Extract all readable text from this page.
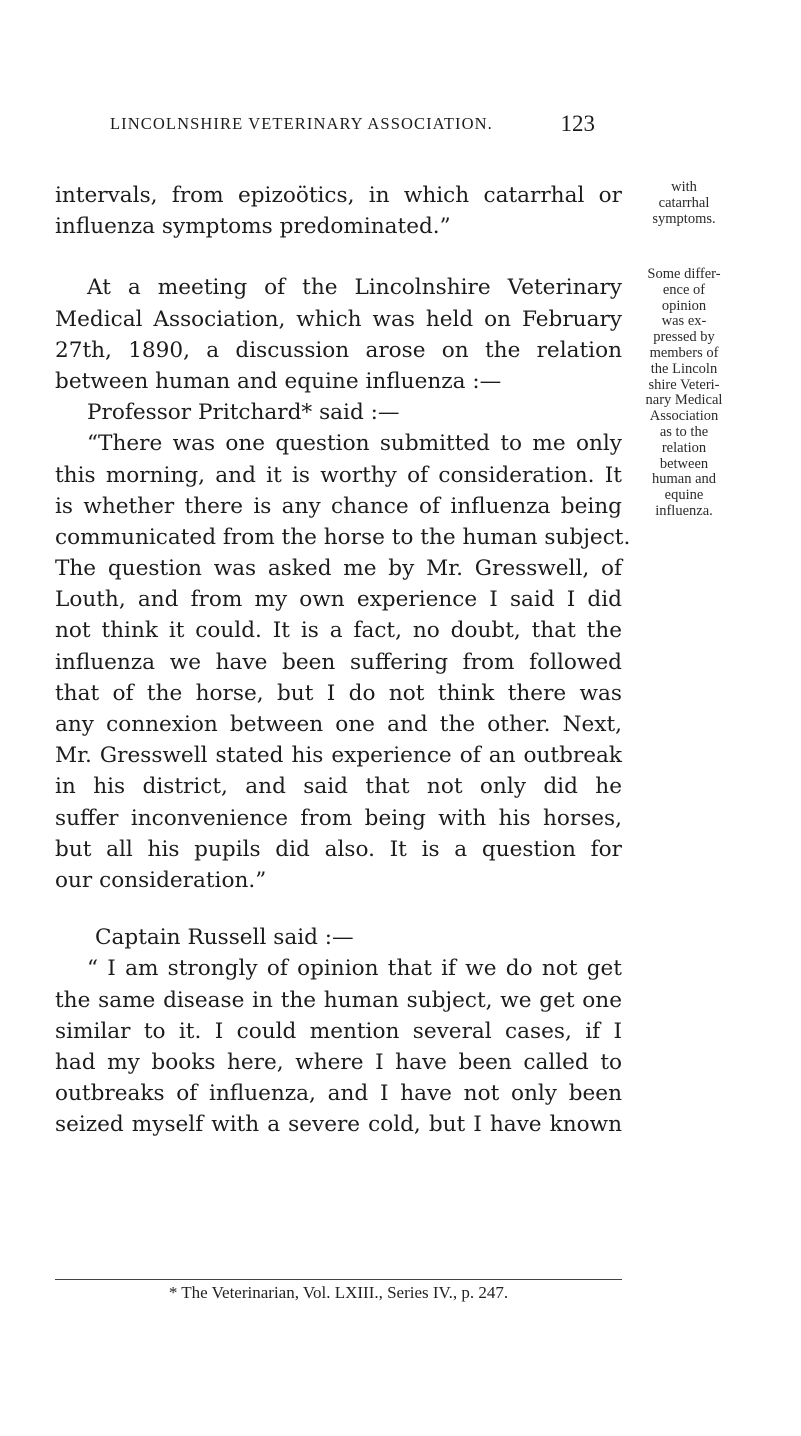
LINCOLNSHIRE VETERINARY ASSOCIATION.	123
intervals, from epizoötics, in which catarrhal or
influenza symptoms predominated.”
At a meeting of the Lincolnshire Veterinary
Medical Association, which was held on February
27th, 1890, a discussion arose on the relation
between human and equine influenza :—
Professor Pritchard* said :—
“There was one question submitted to me only
this morning, and it is worthy of consideration. It
is whether there is any chance of influenza being
communicated from the horse to the human subject.
The question was asked me by Mr. Gresswell, of
Louth, and from my own experience I said I did
not think it could. It is a fact, no doubt, that the
influenza we have been suffering from followed
that of the horse, but I do not think there was
any connexion between one and the other. Next,
Mr. Gresswell stated his experience of an outbreak
in his district, and said that not only did he
suffer inconvenience from being with his horses,
but all his pupils did also. It is a question for
our consideration.”
Captain Russell said :—
“ I am strongly of opinion that if we do not get
the same disease in the human subject, we get one
similar to it. I could mention several cases, if I
had my books here, where I have been called to
outbreaks of influenza, and I have not only been
seized myself with a severe cold, but I have known
with
catarrhal
symptoms.
Some differ-
ence of
opinion
was ex-
pressed by
members of
the Lincoln
shire Veteri-
nary Medical
Association
as to the
relation
between
human and
equine
influenza.
* The Veterinarian, Vol. LXIII., Series IV., p. 247.
